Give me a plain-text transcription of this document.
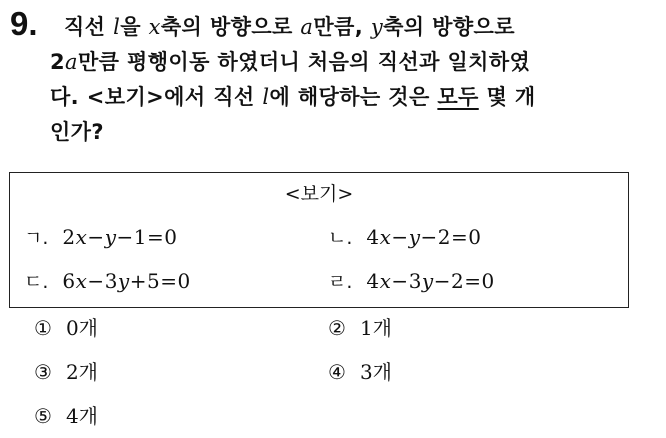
9. 직선 l을 x축의 방향으로 a만큼, y축의 방향으로
2a만큼 평행이동 하였더니 처음의 직선과 일치하였
다. <보기>에서 직선 l에 해당하는 것은 모두 몇 개
인가?
<보기>
ㄱ. 2x−y−1=0	ㄴ. 4x−y−2=0
ㄷ. 6x−3y+5=0	ㄹ. 4x−3y−2=0
① 0개	② 1개
③ 2개	④ 3개
⑤ 4개
